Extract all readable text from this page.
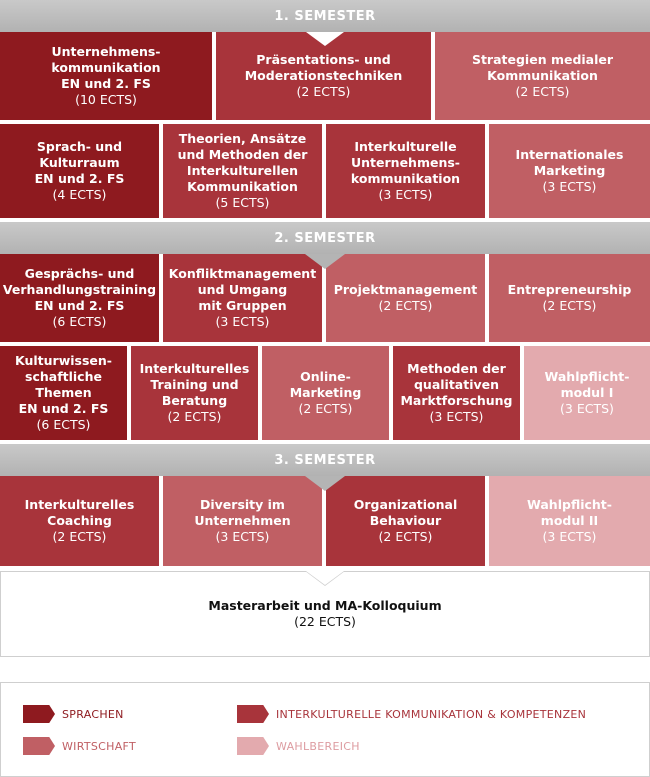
1. SEMESTER
Unternehmens-
kommunikation
EN und 2. FS
(10 ECTS)
Präsentations- und
Moderationstechniken
(2 ECTS)
Strategien medialer
Kommunikation
(2 ECTS)
Sprach- und
Kulturraum
EN und 2. FS
(4 ECTS)
Theorien, Ansätze
und Methoden der
Interkulturellen
Kommunikation
(5 ECTS)
Interkulturelle
Unternehmens-
kommunikation
(3 ECTS)
Internationales
Marketing
(3 ECTS)
2. SEMESTER
Gesprächs- und
Verhandlungstraining
EN und 2. FS
(6 ECTS)
Konfliktmanagement
und Umgang
mit Gruppen
(3 ECTS)
Projektmanagement
(2 ECTS)
Entrepreneurship
(2 ECTS)
Kulturwissen-
schaftliche
Themen
EN und 2. FS
(6 ECTS)
Interkulturelles
Training und
Beratung
(2 ECTS)
Online-
Marketing
(2 ECTS)
Methoden der
qualitativen
Marktforschung
(3 ECTS)
Wahlpflicht-
modul I
(3 ECTS)
3. SEMESTER
Interkulturelles
Coaching
(2 ECTS)
Diversity im
Unternehmen
(3 ECTS)
Organizational
Behaviour
(2 ECTS)
Wahlpflicht-
modul II
(3 ECTS)
Masterarbeit und MA-Kolloquium
(22 ECTS)
SPRACHEN	INTERKULTURELLE KOMMUNIKATION & KOMPETENZEN
WIRTSCHAFT	WAHLBEREICH
